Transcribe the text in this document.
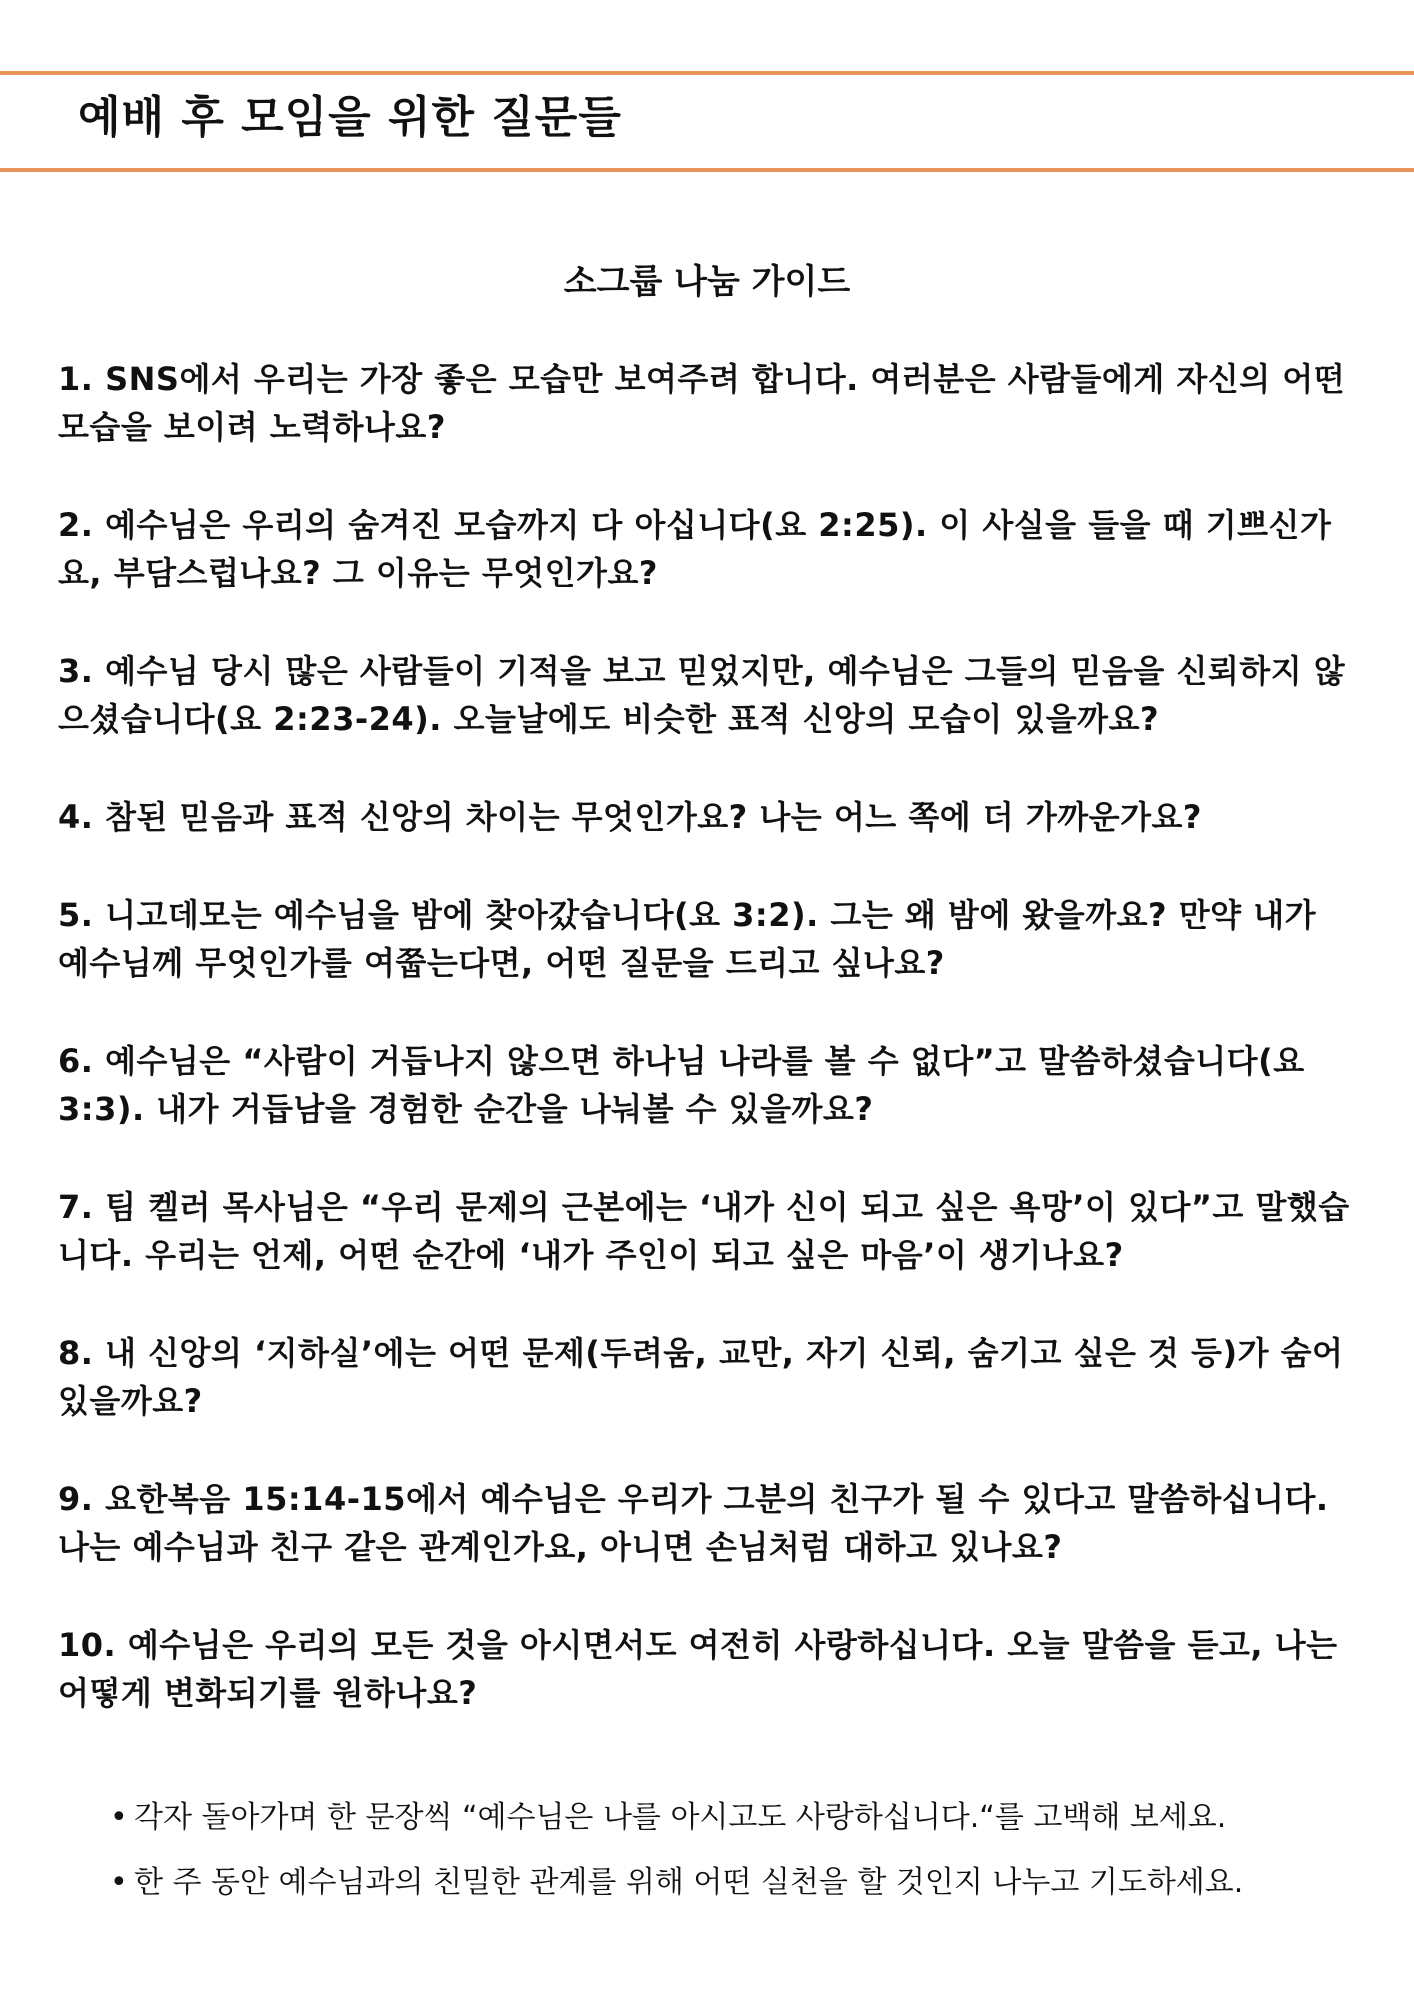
예배 후 모임을 위한 질문들
소그룹 나눔 가이드
1. SNS에서 우리는 가장 좋은 모습만 보여주려 합니다. 여러분은 사람들에게 자신의 어떤 모습을 보이려 노력하나요?
2. 예수님은 우리의 숨겨진 모습까지 다 아십니다(요 2:25). 이 사실을 들을 때 기쁘신가요, 부담스럽나요? 그 이유는 무엇인가요?
3. 예수님 당시 많은 사람들이 기적을 보고 믿었지만, 예수님은 그들의 믿음을 신뢰하지 않으셨습니다(요 2:23-24). 오늘날에도 비슷한 표적 신앙의 모습이 있을까요?
4. 참된 믿음과 표적 신앙의 차이는 무엇인가요? 나는 어느 쪽에 더 가까운가요?
5. 니고데모는 예수님을 밤에 찾아갔습니다(요 3:2). 그는 왜 밤에 왔을까요? 만약 내가 예수님께 무엇인가를 여쭙는다면, 어떤 질문을 드리고 싶나요?
6. 예수님은 “사람이 거듭나지 않으면 하나님 나라를 볼 수 없다”고 말씀하셨습니다(요 3:3). 내가 거듭남을 경험한 순간을 나눠볼 수 있을까요?
7. 팀 켈러 목사님은 “우리 문제의 근본에는 ‘내가 신이 되고 싶은 욕망’이 있다”고 말했습니다. 우리는 언제, 어떤 순간에 ‘내가 주인이 되고 싶은 마음’이 생기나요?
8. 내 신앙의 ‘지하실’에는 어떤 문제(두려움, 교만, 자기 신뢰, 숨기고 싶은 것 등)가 숨어 있을까요?
9. 요한복음 15:14-15에서 예수님은 우리가 그분의 친구가 될 수 있다고 말씀하십니다. 나는 예수님과 친구 같은 관계인가요, 아니면 손님처럼 대하고 있나요?
10. 예수님은 우리의 모든 것을 아시면서도 여전히 사랑하십니다. 오늘 말씀을 듣고, 나는 어떻게 변화되기를 원하나요?
• 각자 돌아가며 한 문장씩 “예수님은 나를 아시고도 사랑하십니다.“를 고백해 보세요.
• 한 주 동안 예수님과의 친밀한 관계를 위해 어떤 실천을 할 것인지 나누고 기도하세요.
